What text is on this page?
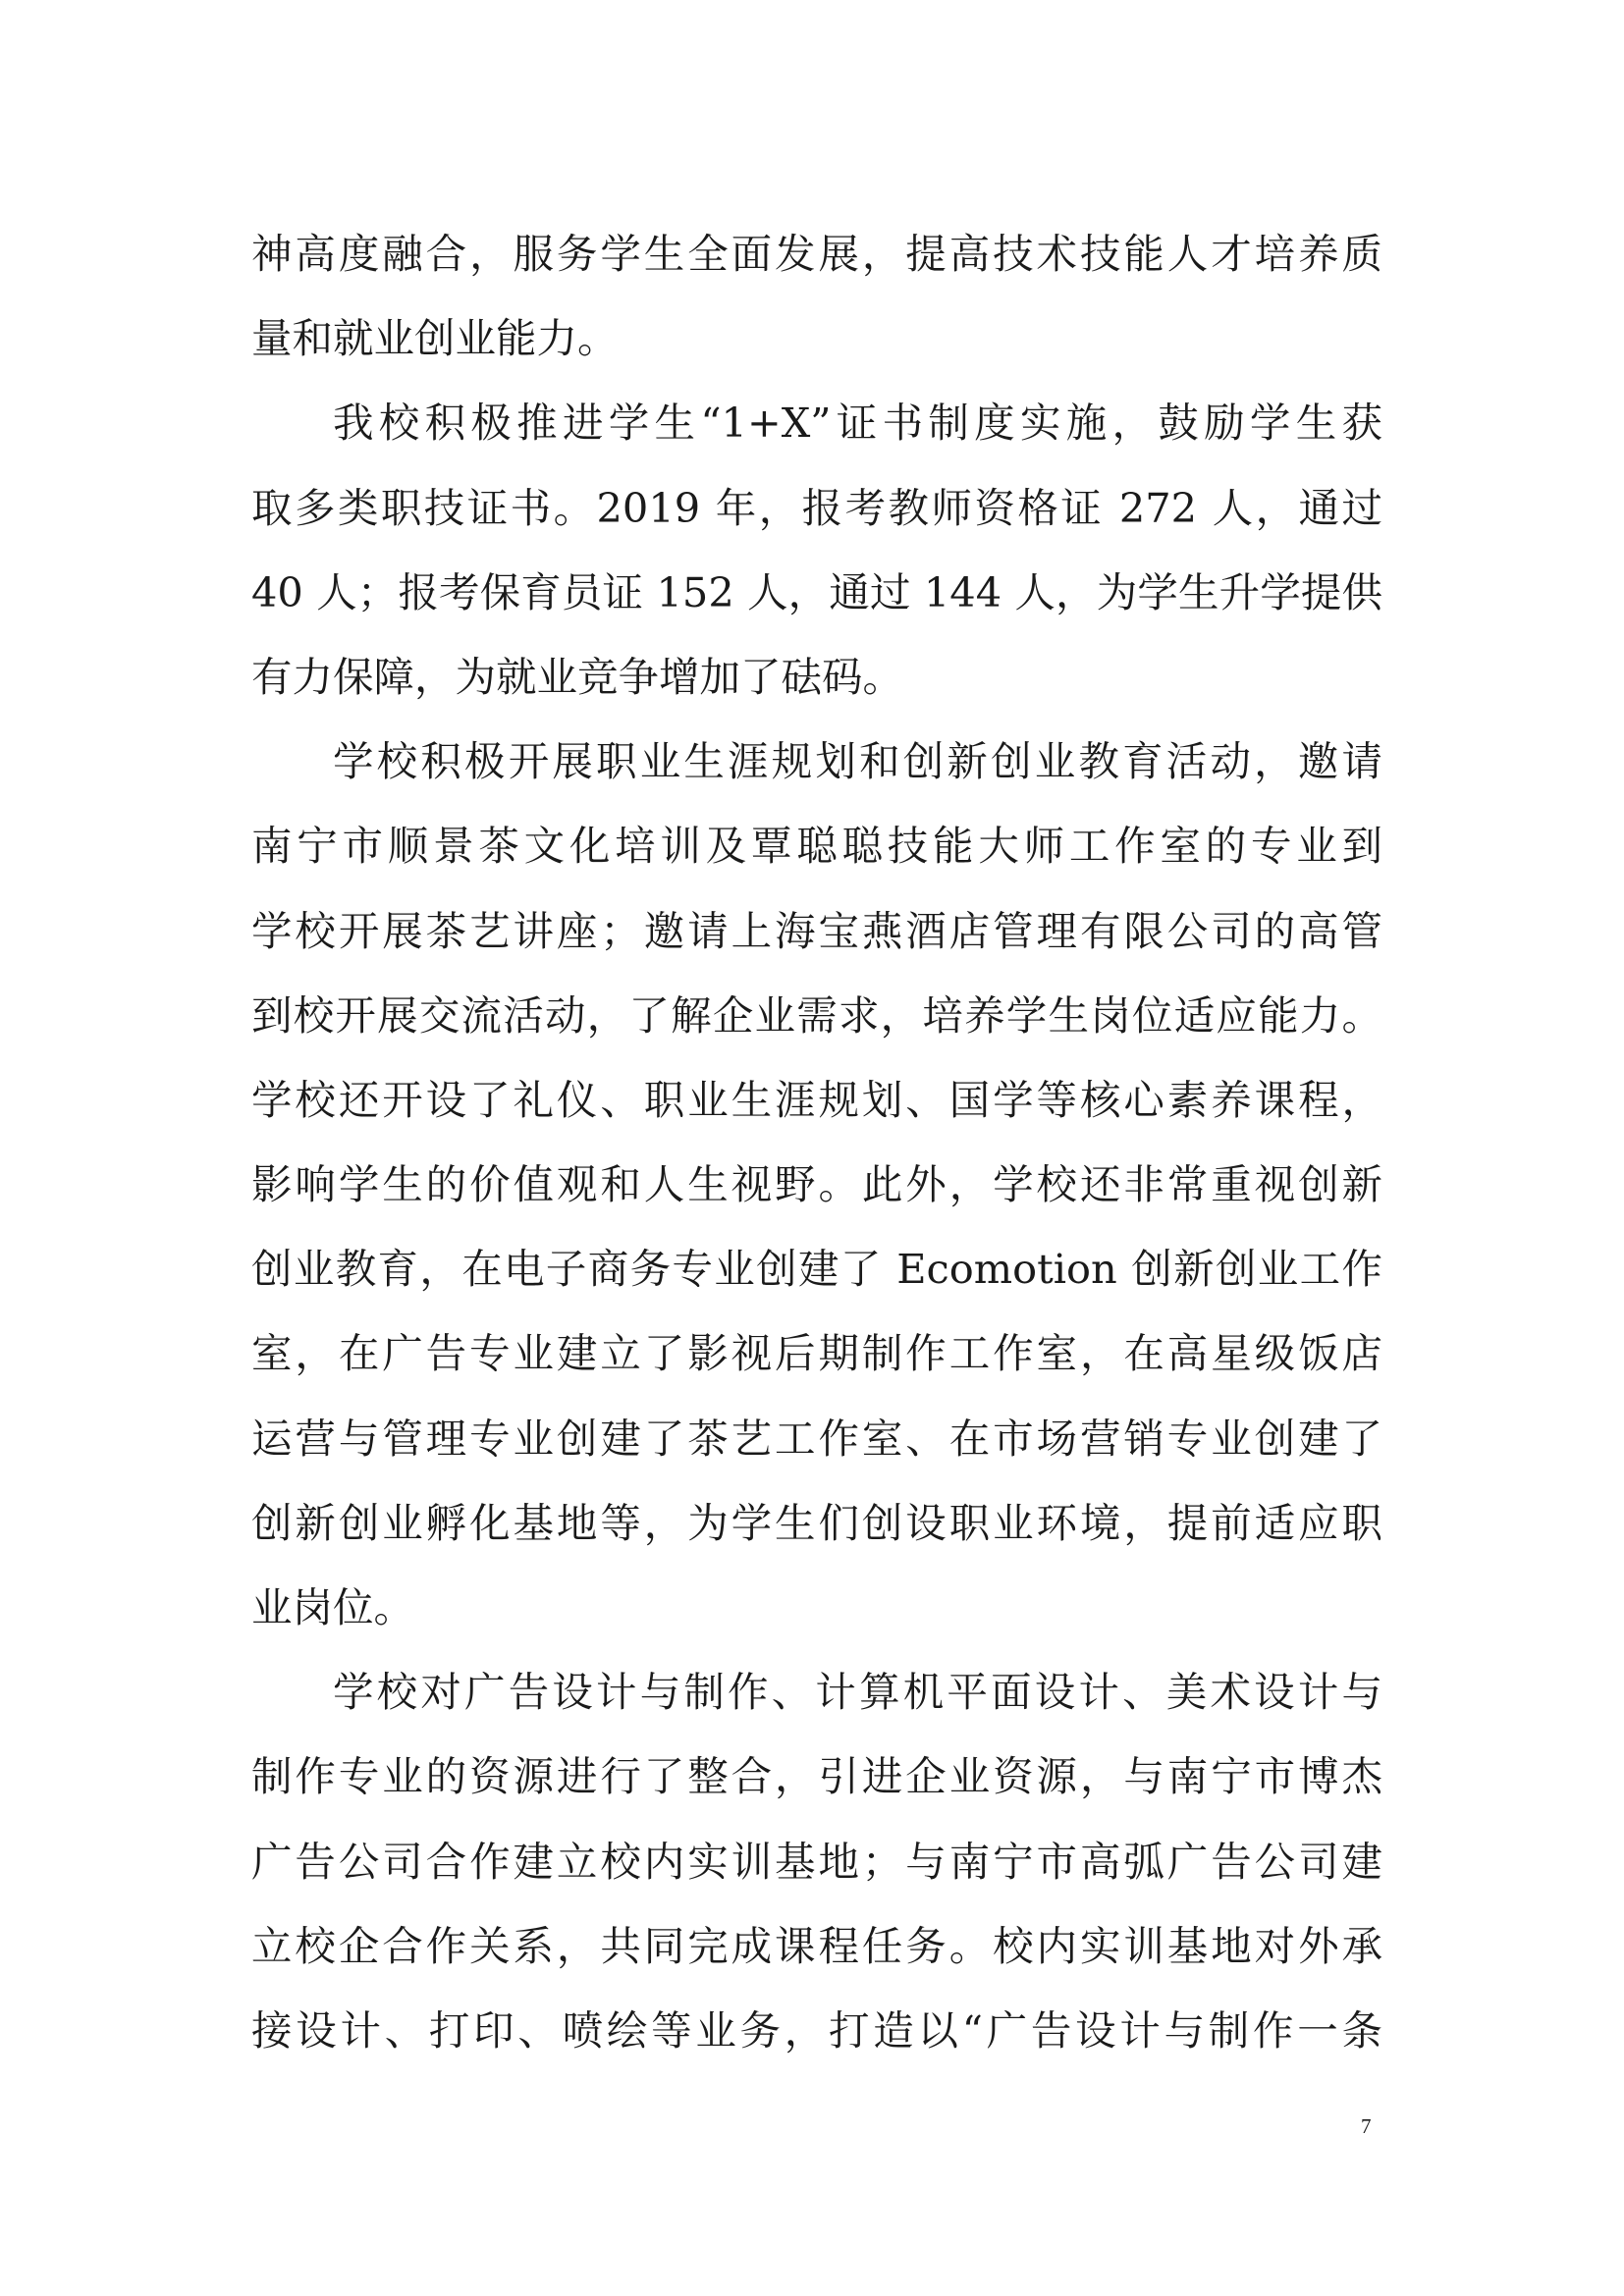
神高度融合，服务学生全面发展，提高技术技能人才培养质
量和就业创业能力。
我校积极推进学生“1+X”证书制度实施，鼓励学生获
取多类职技证书。2019 年，报考教师资格证 272 人，通过
40 人；报考保育员证 152 人，通过 144 人，为学生升学提供
有力保障，为就业竞争增加了砝码。
学校积极开展职业生涯规划和创新创业教育活动，邀请
南宁市顺景茶文化培训及覃聪聪技能大师工作室的专业到
学校开展茶艺讲座；邀请上海宝燕酒店管理有限公司的高管
到校开展交流活动，了解企业需求，培养学生岗位适应能力。
学校还开设了礼仪、职业生涯规划、国学等核心素养课程，
影响学生的价值观和人生视野。此外，学校还非常重视创新
创业教育，在电子商务专业创建了 Ecomotion 创新创业工作
室，在广告专业建立了影视后期制作工作室，在高星级饭店
运营与管理专业创建了茶艺工作室、在市场营销专业创建了
创新创业孵化基地等，为学生们创设职业环境，提前适应职
业岗位。
学校对广告设计与制作、计算机平面设计、美术设计与
制作专业的资源进行了整合，引进企业资源，与南宁市博杰
广告公司合作建立校内实训基地；与南宁市高弧广告公司建
立校企合作关系，共同完成课程任务。校内实训基地对外承
接设计、打印、喷绘等业务，打造以“广告设计与制作一条
7
